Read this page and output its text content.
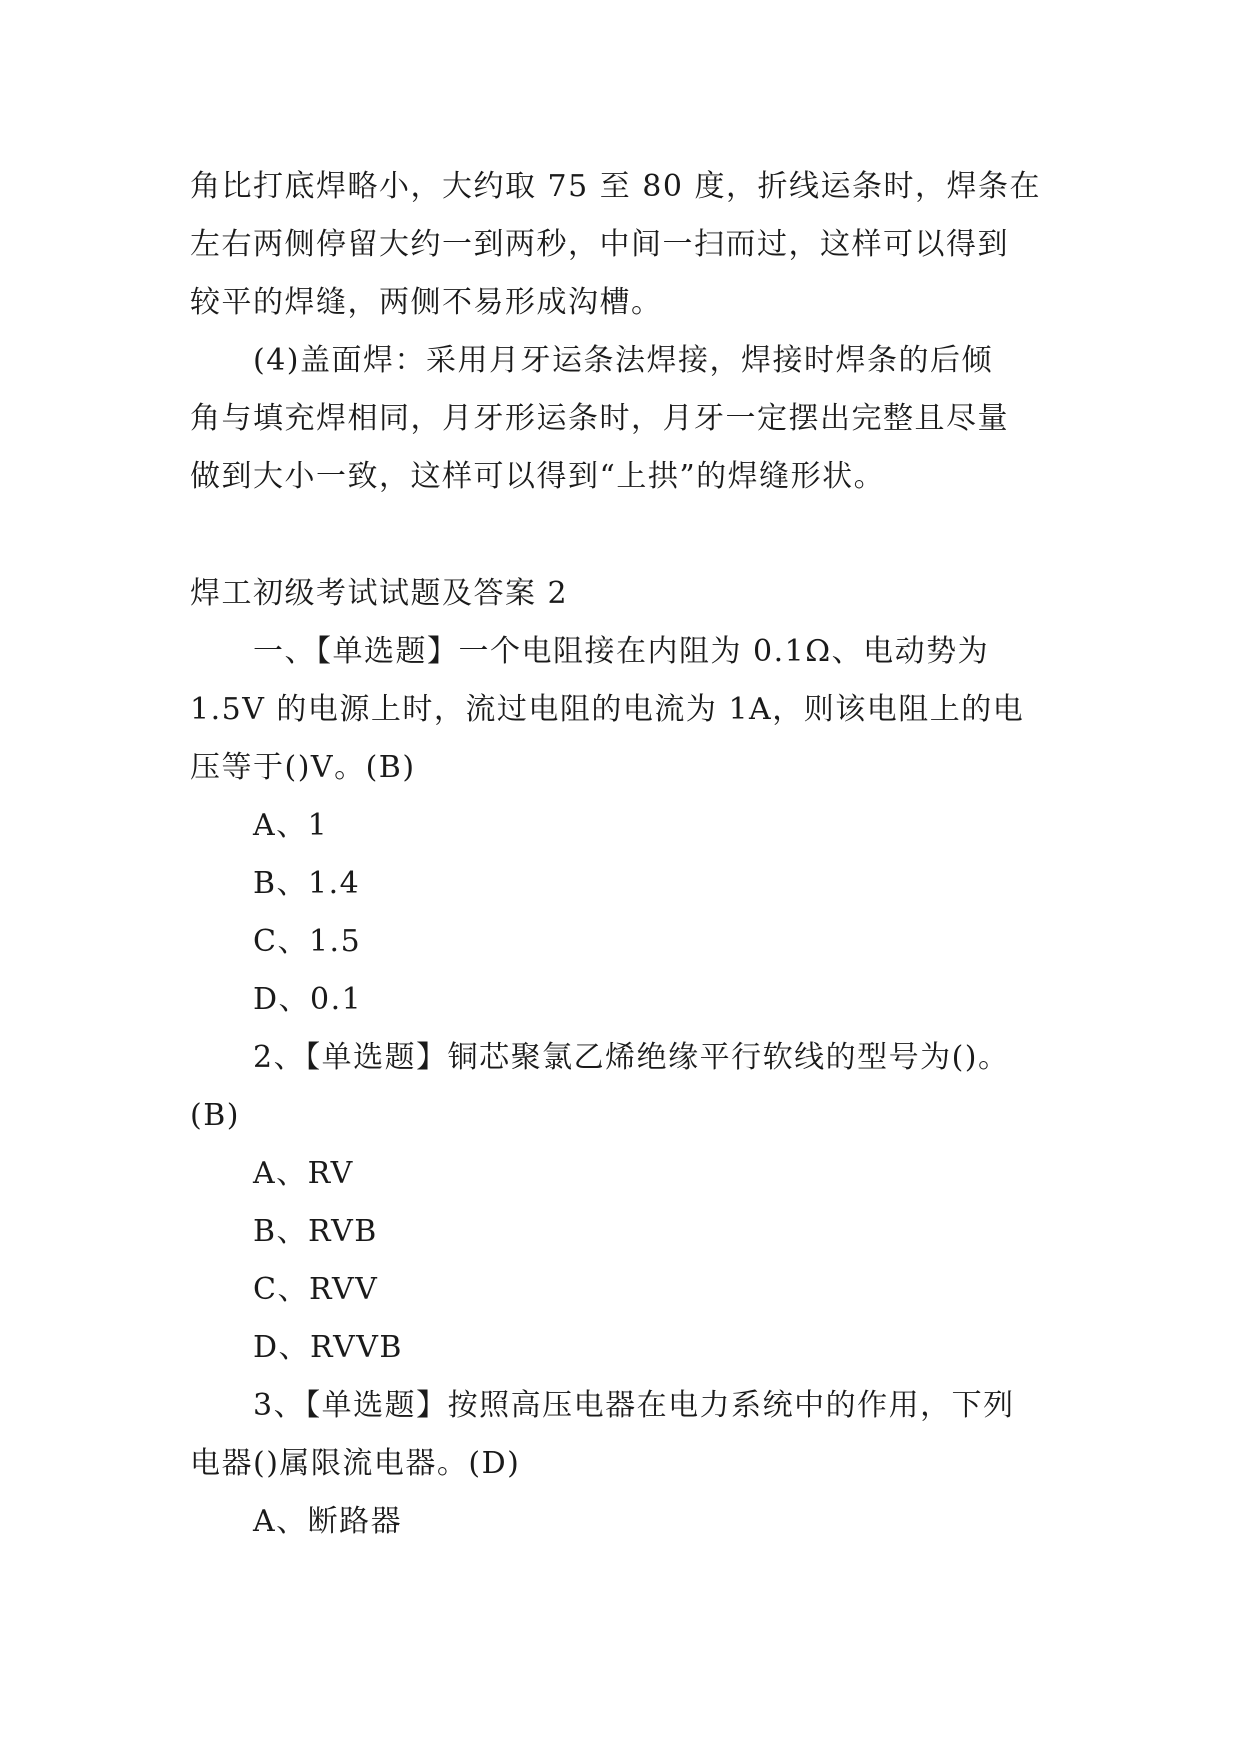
角比打底焊略小，大约取 75 至 80 度，折线运条时，焊条在
左右两侧停留大约一到两秒，中间一扫而过，这样可以得到
较平的焊缝，两侧不易形成沟槽。
(4)盖面焊：采用月牙运条法焊接，焊接时焊条的后倾
角与填充焊相同，月牙形运条时，月牙一定摆出完整且尽量
做到大小一致，这样可以得到“上拱”的焊缝形状。
焊工初级考试试题及答案 2
一、【单选题】一个电阻接在内阻为 0.1Ω、电动势为
1.5V 的电源上时，流过电阻的电流为 1A，则该电阻上的电
压等于()V。(B)
A、1
B、1.4
C、1.5
D、0.1
2、【单选题】铜芯聚氯乙烯绝缘平行软线的型号为()。
(B)
A、RV
B、RVB
C、RVV
D、RVVB
3、【单选题】按照高压电器在电力系统中的作用，下列
电器()属限流电器。(D)
A、断路器
